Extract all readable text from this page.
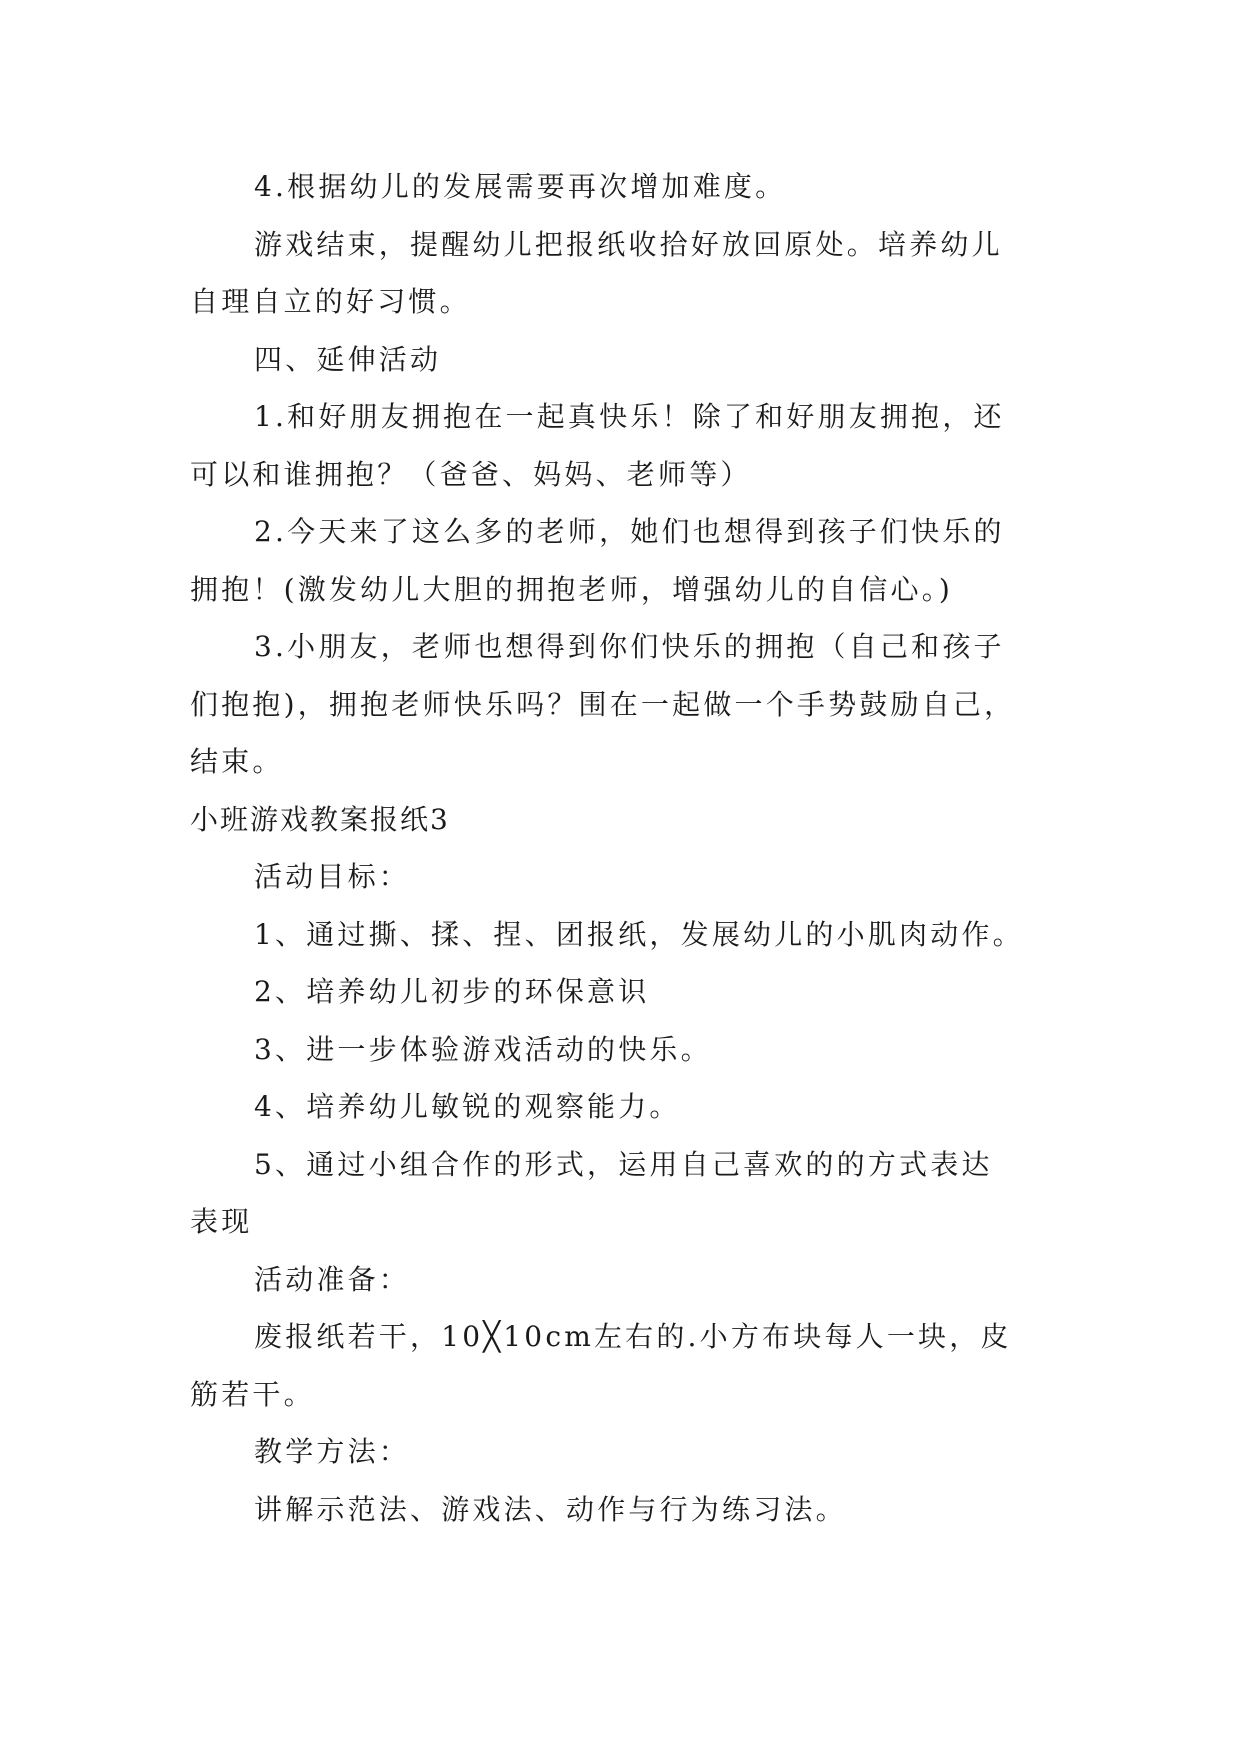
4.根据幼儿的发展需要再次增加难度。
游戏结束，提醒幼儿把报纸收拾好放回原处。培养幼儿
自理自立的好习惯。
四、延伸活动
1.和好朋友拥抱在一起真快乐！除了和好朋友拥抱，还
可以和谁拥抱？（爸爸、妈妈、老师等）
2.今天来了这么多的老师，她们也想得到孩子们快乐的
拥抱！(激发幼儿大胆的拥抱老师，增强幼儿的自信心。)
3.小朋友，老师也想得到你们快乐的拥抱（自己和孩子
们抱抱)，拥抱老师快乐吗？围在一起做一个手势鼓励自己，
结束。
小班游戏教案报纸3
活动目标：
1、通过撕、揉、捏、团报纸，发展幼儿的小肌肉动作。
2、培养幼儿初步的环保意识
3、进一步体验游戏活动的快乐。
4、培养幼儿敏锐的观察能力。
5、通过小组合作的形式，运用自己喜欢的的方式表达
表现
活动准备：
废报纸若干，10╳10cm左右的.小方布块每人一块，皮
筋若干。
教学方法：
讲解示范法、游戏法、动作与行为练习法。
